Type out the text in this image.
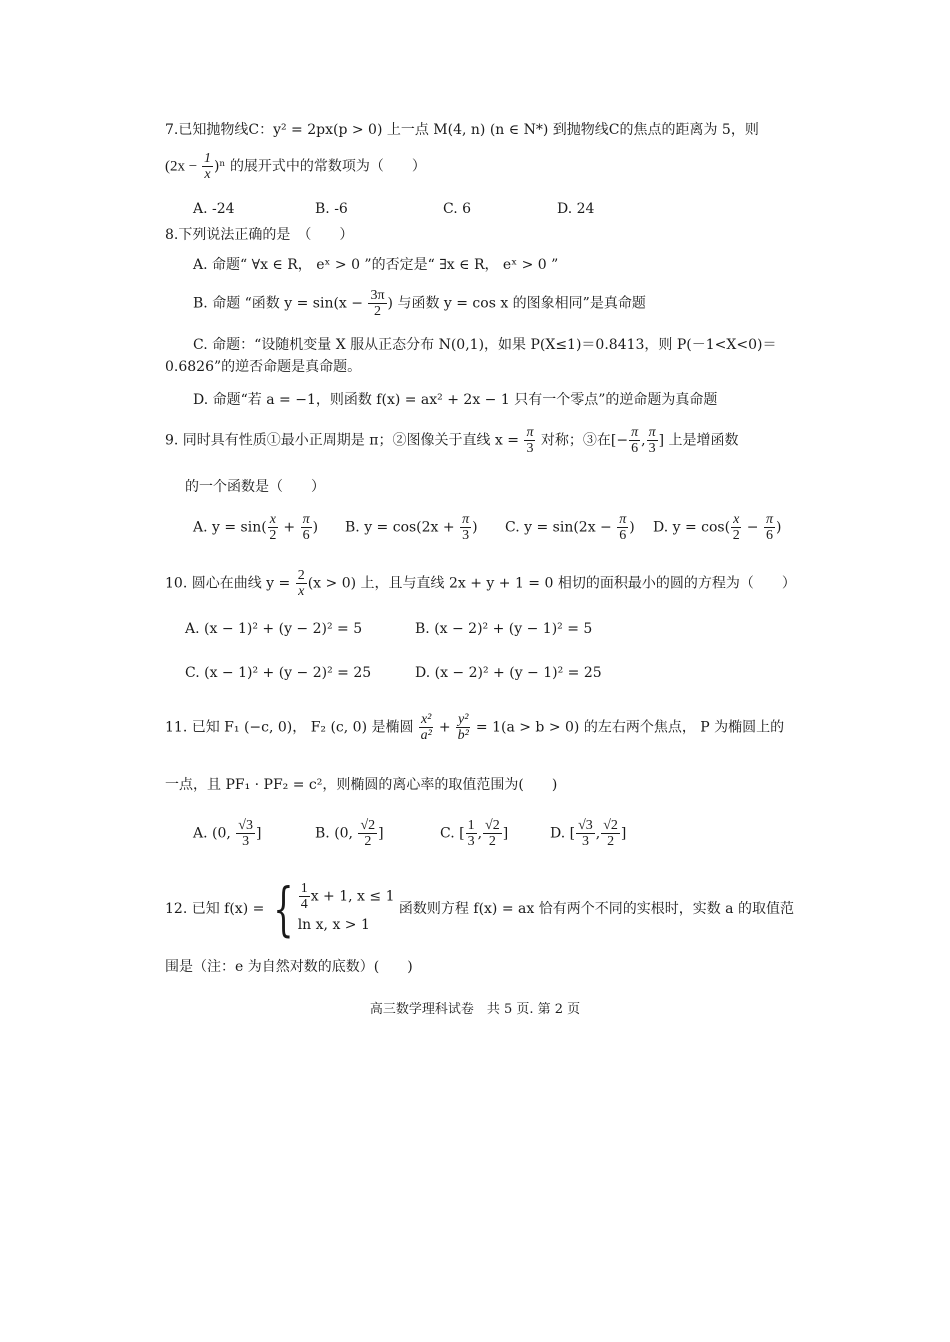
7.已知抛物线C：y² = 2px(p > 0) 上一点 M(4, n) (n ∈ N*) 到抛物线C的焦点的距离为 5，则
$(2x - \frac{1}{x} )^n$ 的展开式中的常数项为（　　）
A. -24	B. -6	C. 6	D. 24
8.下列说法正确的是　（　　）
A. 命题“ ∀x ∈ R， eˣ > 0 ”的否定是“ ∃x ∈ R， eˣ > 0 ”
B. 命题 “函数 $y = \sin(x - \frac{3\pi}{2}$ ) 与函数 y = cos x 的图象相同”是真命题
C. 命题：“设随机变量 X 服从正态分布 N(0,1)，如果 P(X≤1)＝0.8413，则 P(－1<X<0)＝
0.6826”的逆否命题是真命题。
D. 命题“若 a = −1，则函数 f(x) = ax² + 2x − 1 只有一个零点”的逆命题为真命题
9. 同时具有性质①最小正周期是 π；②图像关于直线 $x = \frac{\pi}{3}$ 对称；③在[− $\frac{\pi}{6}$ , $\frac{\pi}{3}$ ] 上是增函数
的一个函数是（　　）
A. $y = \sin( \frac{x}{2} + \frac{\pi}{6}$ ) B. $y = \cos(2x + \frac{\pi}{3}$ ) C. $y = \sin(2x - \frac{\pi}{6}$ ) D. $y = \cos( \frac{x}{2} - \frac{\pi}{6}$ )
10. 圆心在曲线 $y = \frac{2}{x} (x > 0)$ 上，且与直线 2x + y + 1 = 0 相切的面积最小的圆的方程为（　　）
A. (x − 1)² + (y − 2)² = 5	B. (x − 2)² + (y − 1)² = 5
C. (x − 1)² + (y − 2)² = 25	D. (x − 2)² + (y − 1)² = 25
11. 已知 F₁ (−c, 0)， F₂ (c, 0) 是椭圆 $\frac{\text{x²}}{\text{a²}} + \frac{\text{y²}}{\text{b²}} = 1(a > b > 0)$ 的左右两个焦点， P 为椭圆上的
一点，且 PF₁ · PF₂ = c²，则椭圆的离心率的取值范围为(　　)
A. (0, $\frac{√3}{3}$ ]	B. (0, $\frac{√2}{2}$ ]	C. [ $\frac{1}{3}$ , $\frac{√2}{2}$ ]	D. [ $\frac{√3}{3}$ , $\frac{√2}{2}$ ]
12. 已知 f(x) = { $\frac{1}{4}$ x + 1, x ≤ 1
ln x, x > 1
函数则方程 f(x) = ax 恰有两个不同的实根时，实数 a 的取值范
围是（注：e 为自然对数的底数）(　　)
高三数学理科试卷　共 5 页. 第 2 页
